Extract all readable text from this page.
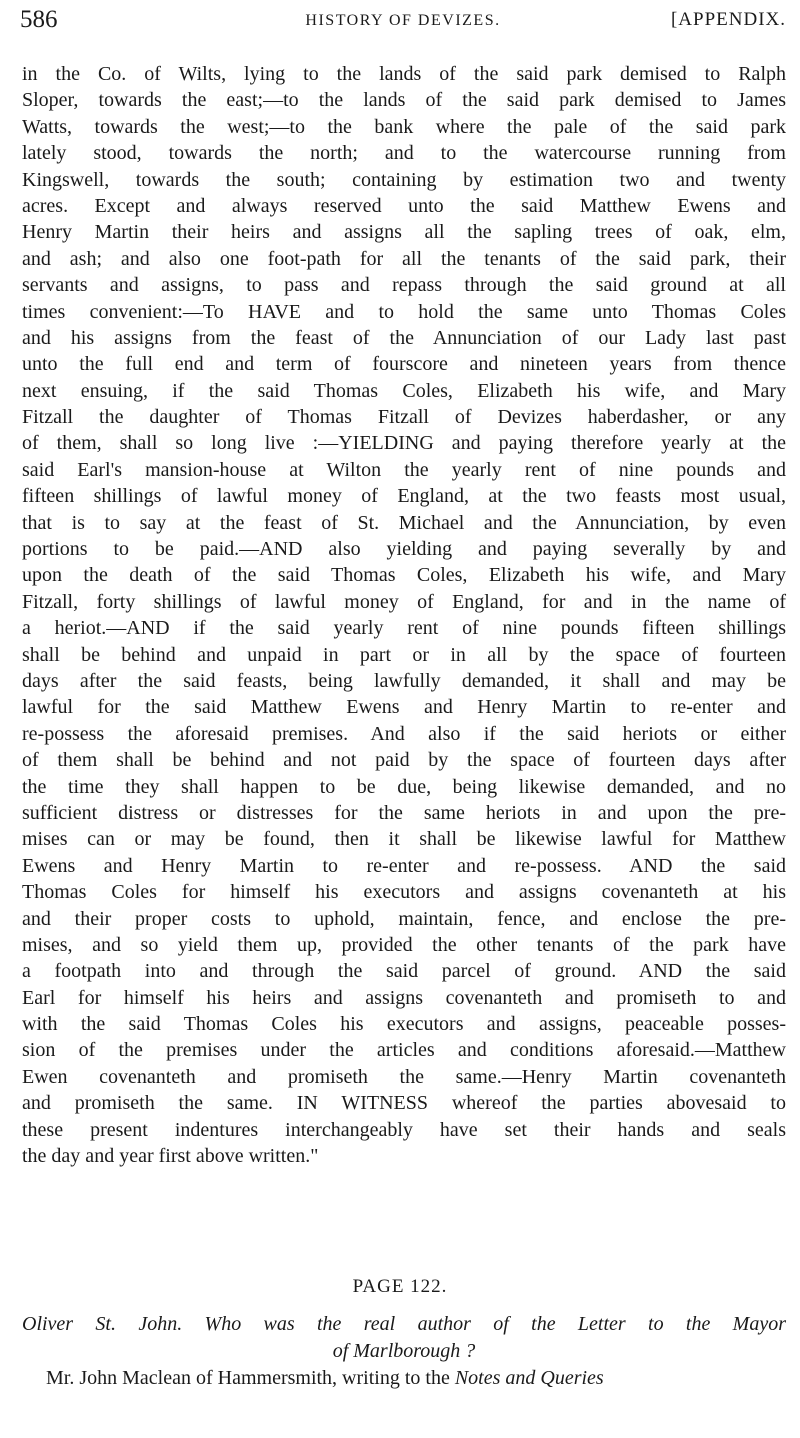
586	HISTORY OF DEVIZES.	[APPENDIX.
in the Co. of Wilts, lying to the lands of the said park demised to Ralph
Sloper, towards the east;—to the lands of the said park demised to James
Watts, towards the west;—to the bank where the pale of the said park
lately stood, towards the north; and to the watercourse running from
Kingswell, towards the south; containing by estimation two and twenty
acres. Except and always reserved unto the said Matthew Ewens and
Henry Martin their heirs and assigns all the sapling trees of oak, elm,
and ash; and also one foot-path for all the tenants of the said park, their
servants and assigns, to pass and repass through the said ground at all
times convenient:—To HAVE and to hold the same unto Thomas Coles
and his assigns from the feast of the Annunciation of our Lady last past
unto the full end and term of fourscore and nineteen years from thence
next ensuing, if the said Thomas Coles, Elizabeth his wife, and Mary
Fitzall the daughter of Thomas Fitzall of Devizes haberdasher, or any
of them, shall so long live :—YIELDING and paying therefore yearly at the
said Earl's mansion-house at Wilton the yearly rent of nine pounds and
fifteen shillings of lawful money of England, at the two feasts most usual,
that is to say at the feast of St. Michael and the Annunciation, by even
portions to be paid.—AND also yielding and paying severally by and
upon the death of the said Thomas Coles, Elizabeth his wife, and Mary
Fitzall, forty shillings of lawful money of England, for and in the name of
a heriot.—AND if the said yearly rent of nine pounds fifteen shillings
shall be behind and unpaid in part or in all by the space of fourteen
days after the said feasts, being lawfully demanded, it shall and may be
lawful for the said Matthew Ewens and Henry Martin to re-enter and
re-possess the aforesaid premises. And also if the said heriots or either
of them shall be behind and not paid by the space of fourteen days after
the time they shall happen to be due, being likewise demanded, and no
sufficient distress or distresses for the same heriots in and upon the pre-
mises can or may be found, then it shall be likewise lawful for Matthew
Ewens and Henry Martin to re-enter and re-possess. AND the said
Thomas Coles for himself his executors and assigns covenanteth at his
and their proper costs to uphold, maintain, fence, and enclose the pre-
mises, and so yield them up, provided the other tenants of the park have
a footpath into and through the said parcel of ground. AND the said
Earl for himself his heirs and assigns covenanteth and promiseth to and
with the said Thomas Coles his executors and assigns, peaceable posses-
sion of the premises under the articles and conditions aforesaid.—Matthew
Ewen covenanteth and promiseth the same.—Henry Martin covenanteth
and promiseth the same. IN WITNESS whereof the parties abovesaid to
these present indentures interchangeably have set their hands and seals
the day and year first above written."
PAGE 122.
Oliver St. John. Who was the real author of the Letter to the Mayor
of Marlborough ?
Mr. John Maclean of Hammersmith, writing to the Notes and Queries
